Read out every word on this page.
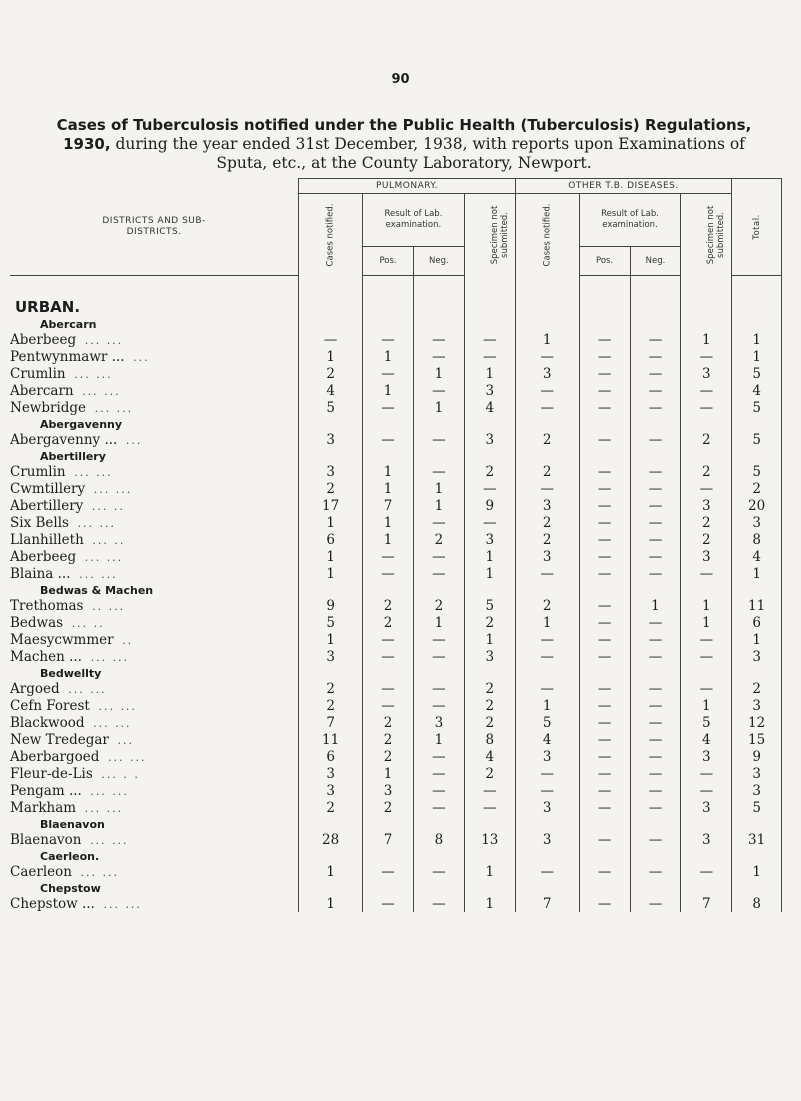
90
Cases of Tuberculosis notified under the Public Health (Tuberculosis) Regulations, 1930, during the year ended 31st December, 1938, with reports upon Examinations of Sputa, etc., at the County Laboratory, Newport.
DISTRICTS AND SUB-DISTRICTS.	PULMONARY.				OTHER T.B. DISEASES.				Total.
	Cases notified.	Result of Lab. examination.		Specimen not submitted.	Cases notified.	Result of Lab. examination.		Specimen not submitted.	
		Pos.	Neg.			Pos.	Neg.		

URBAN.									
Abercarn									
Aberbeeg ... ...	—	—	—	—	1	—	—	1	1
Pentwynmawr ... ...	1	1	—	—	—	—	—	—	1
Crumlin ... ...	2	—	1	1	3	—	—	3	5
Abercarn ... ...	4	1	—	3	—	—	—	—	4
Newbridge ... ...	5	—	1	4	—	—	—	—	5
Abergavenny									
Abergavenny ... ...	3	—	—	3	2	—	—	2	5
Abertillery									
Crumlin ... ...	3	1	—	2	2	—	—	2	5
Cwmtillery ... ...	2	1	1	—	—	—	—	—	2
Abertillery ... ..	17	7	1	9	3	—	—	3	20
Six Bells ... ...	1	1	—	—	2	—	—	2	3
Llanhilleth ... ..	6	1	2	3	2	—	—	2	8
Aberbeeg ... ...	1	—	—	1	3	—	—	3	4
Blaina ... ... ...	1	—	—	1	—	—	—	—	1
Bedwas & Machen									
Trethomas .. ...	9	2	2	5	2	—	1	1	11
Bedwas ... ..	5	2	1	2	1	—	—	1	6
Maesycwmmer ..	1	—	—	1	—	—	—	—	1
Machen ... ... ...	3	—	—	3	—	—	—	—	3
Bedwellty									
Argoed ... ...	2	—	—	2	—	—	—	—	2
Cefn Forest ... ...	2	—	—	2	1	—	—	1	3
Blackwood ... ...	7	2	3	2	5	—	—	5	12
New Tredegar ...	11	2	1	8	4	—	—	4	15
Aberbargoed ... ...	6	2	—	4	3	—	—	3	9
Fleur-de-Lis ... . .	3	1	—	2	—	—	—	—	3
Pengam ... ... ...	3	3	—	—	—	—	—	—	3
Markham ... ...	2	2	—	—	3	—	—	3	5
Blaenavon									
Blaenavon ... ...	28	7	8	13	3	—	—	3	31
Caerleon.									
Caerleon ... ...	1	—	—	1	—	—	—	—	1
Chepstow									
Chepstow ... ... ...	1	—	—	1	7	—	—	7	8
